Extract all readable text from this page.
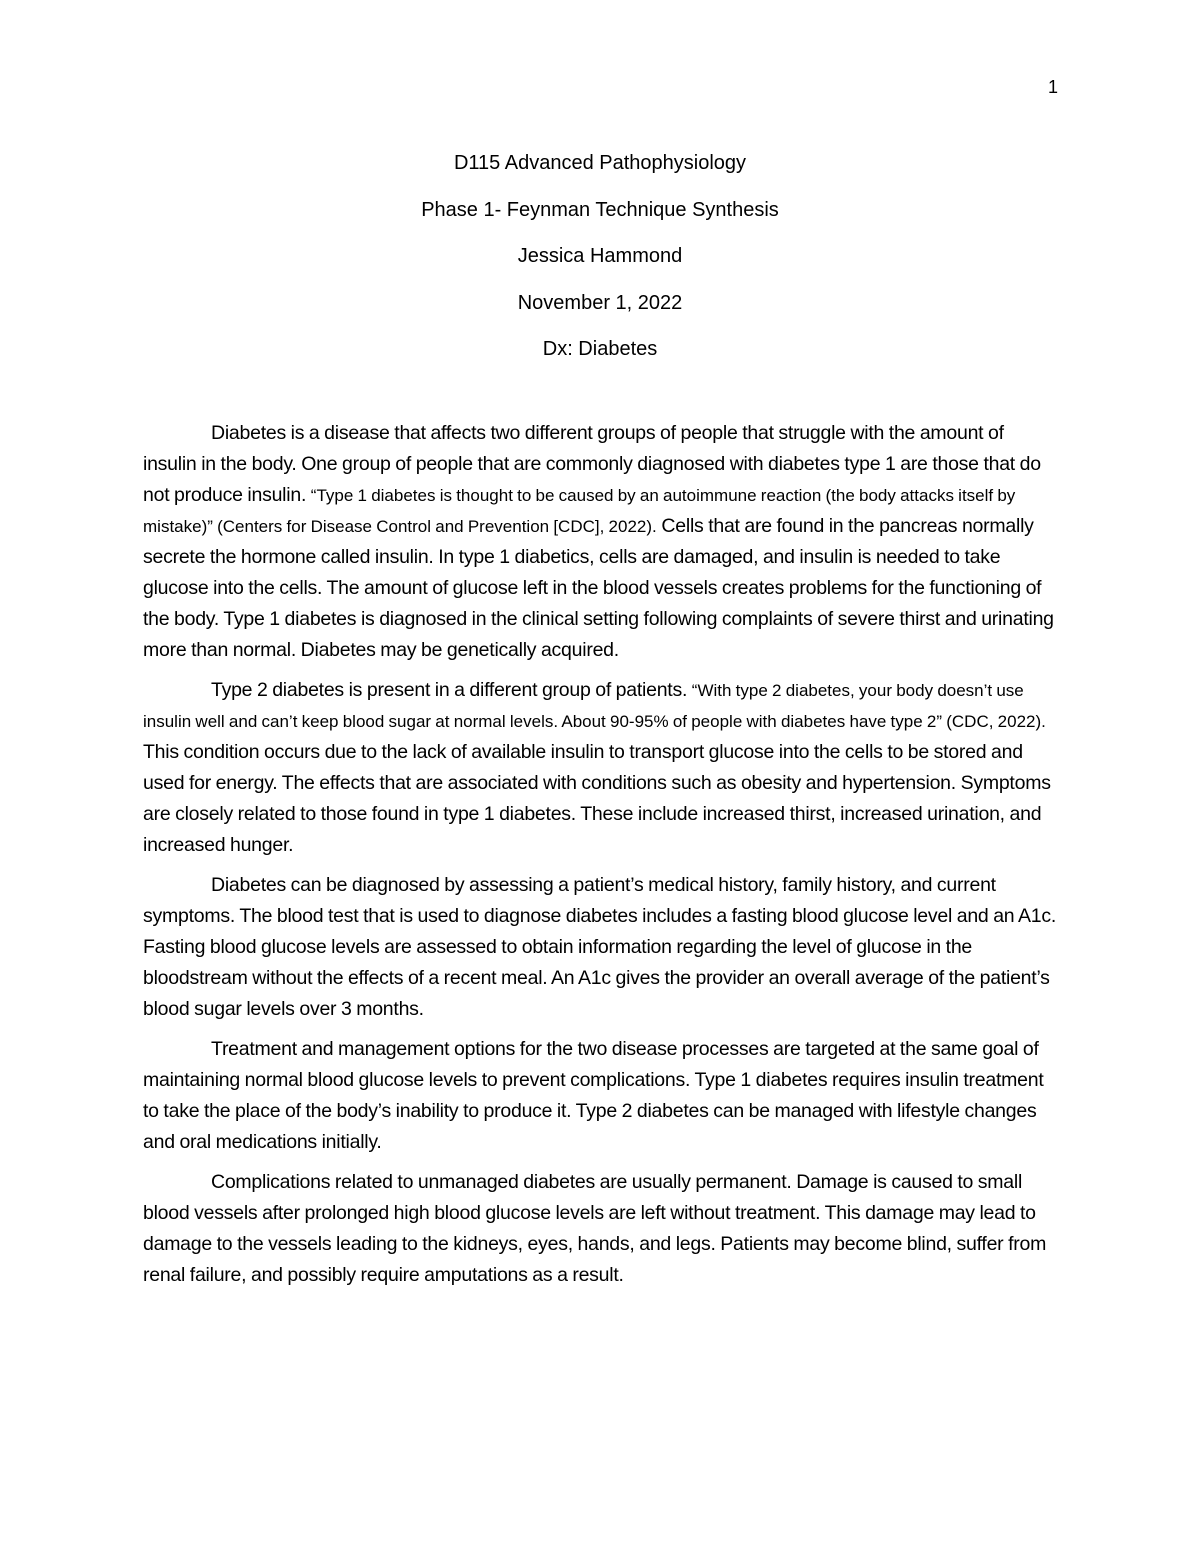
1

D115 Advanced Pathophysiology

Phase 1- Feynman Technique Synthesis

Jessica Hammond

November 1, 2022

Dx: Diabetes

Diabetes is a disease that affects two different groups of people that struggle with the amount of insulin in the body. One group of people that are commonly diagnosed with diabetes type 1 are those that do not produce insulin. “Type 1 diabetes is thought to be caused by an autoimmune reaction (the body attacks itself by mistake)” (Centers for Disease Control and Prevention [CDC], 2022). Cells that are found in the pancreas normally secrete the hormone called insulin. In type 1 diabetics, cells are damaged, and insulin is needed to take glucose into the cells. The amount of glucose left in the blood vessels creates problems for the functioning of the body. Type 1 diabetes is diagnosed in the clinical setting following complaints of severe thirst and urinating more than normal. Diabetes may be genetically acquired.

Type 2 diabetes is present in a different group of patients. “With type 2 diabetes, your body doesn’t use insulin well and can’t keep blood sugar at normal levels. About 90-95% of people with diabetes have type 2” (CDC, 2022). This condition occurs due to the lack of available insulin to transport glucose into the cells to be stored and used for energy. The effects that are associated with conditions such as obesity and hypertension. Symptoms are closely related to those found in type 1 diabetes. These include increased thirst, increased urination, and increased hunger.

Diabetes can be diagnosed by assessing a patient’s medical history, family history, and current symptoms. The blood test that is used to diagnose diabetes includes a fasting blood glucose level and an A1c. Fasting blood glucose levels are assessed to obtain information regarding the level of glucose in the bloodstream without the effects of a recent meal. An A1c gives the provider an overall average of the patient’s blood sugar levels over 3 months.

Treatment and management options for the two disease processes are targeted at the same goal of maintaining normal blood glucose levels to prevent complications. Type 1 diabetes requires insulin treatment to take the place of the body’s inability to produce it. Type 2 diabetes can be managed with lifestyle changes and oral medications initially.

Complications related to unmanaged diabetes are usually permanent. Damage is caused to small blood vessels after prolonged high blood glucose levels are left without treatment. This damage may lead to damage to the vessels leading to the kidneys, eyes, hands, and legs. Patients may become blind, suffer from renal failure, and possibly require amputations as a result.
